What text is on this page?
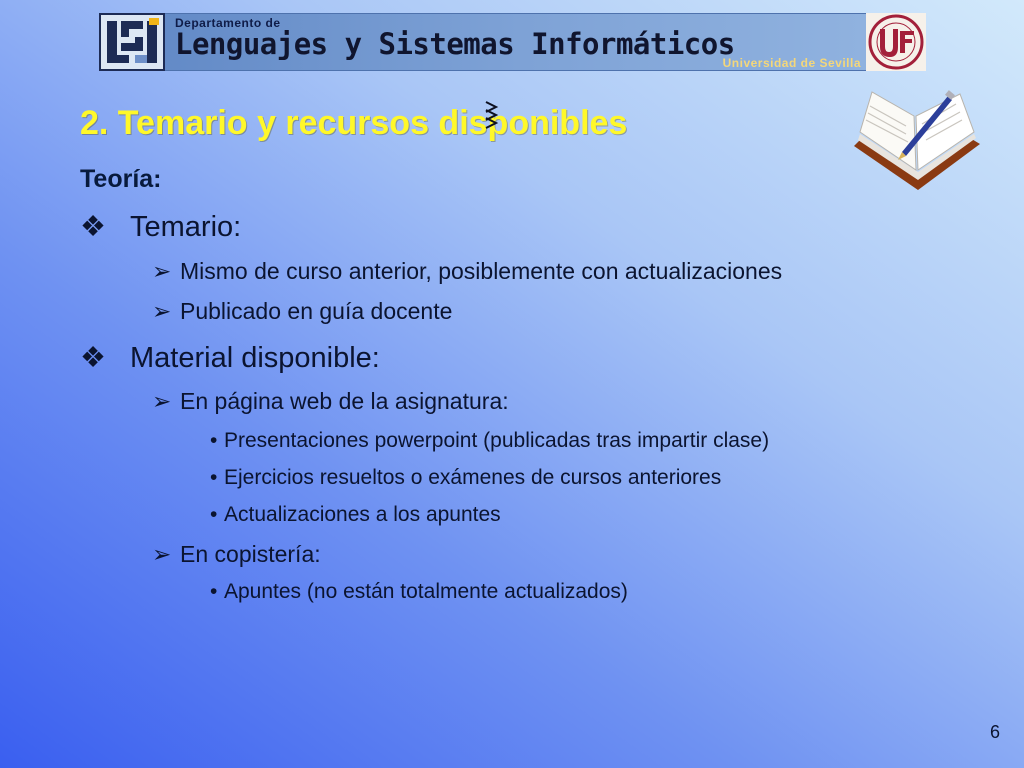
Departamento de
Lenguajes y Sistemas Informáticos
Universidad de Sevilla
2. Temario y recursos disponibles
Teoría:
❖ Temario:
➢ Mismo de curso anterior, posiblemente con actualizaciones
➢ Publicado en guía docente
❖ Material disponible:
➢ En página web de la asignatura:
• Presentaciones powerpoint (publicadas tras impartir clase)
• Ejercicios resueltos o exámenes de cursos anteriores
• Actualizaciones a los apuntes
➢ En copistería:
• Apuntes (no están totalmente actualizados)
6
